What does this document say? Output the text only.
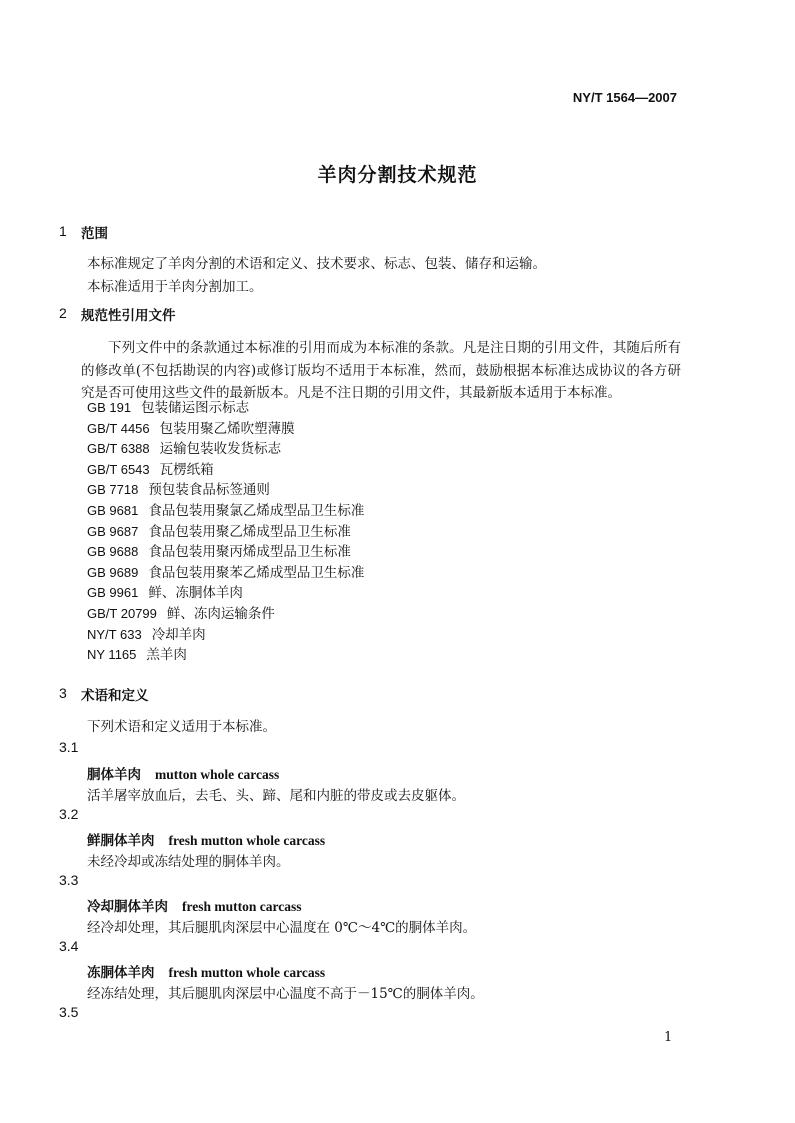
NY/T 1564—2007
羊肉分割技术规范
1 范围
本标准规定了羊肉分割的术语和定义、技术要求、标志、包装、储存和运输。
本标准适用于羊肉分割加工。
2 规范性引用文件
下列文件中的条款通过本标准的引用而成为本标准的条款。凡是注日期的引用文件，其随后所有的修改单(不包括勘误的内容)或修订版均不适用于本标准，然而，鼓励根据本标准达成协议的各方研究是否可使用这些文件的最新版本。凡是不注日期的引用文件，其最新版本适用于本标准。
GB 191 包装储运图示标志
GB/T 4456 包装用聚乙烯吹塑薄膜
GB/T 6388 运输包装收发货标志
GB/T 6543 瓦楞纸箱
GB 7718 预包装食品标签通则
GB 9681 食品包装用聚氯乙烯成型品卫生标准
GB 9687 食品包装用聚乙烯成型品卫生标准
GB 9688 食品包装用聚丙烯成型品卫生标准
GB 9689 食品包装用聚苯乙烯成型品卫生标准
GB 9961 鲜、冻胴体羊肉
GB/T 20799 鲜、冻肉运输条件
NY/T 633 冷却羊肉
NY 1165 羔羊肉
3 术语和定义
下列术语和定义适用于本标准。
3.1
胴体羊肉 mutton whole carcass
活羊屠宰放血后，去毛、头、蹄、尾和内脏的带皮或去皮躯体。
3.2
鲜胴体羊肉 fresh mutton whole carcass
未经冷却或冻结处理的胴体羊肉。
3.3
冷却胴体羊肉 fresh mutton carcass
经冷却处理，其后腿肌肉深层中心温度在 0℃～4℃的胴体羊肉。
3.4
冻胴体羊肉 fresh mutton whole carcass
经冻结处理，其后腿肌肉深层中心温度不高于－15℃的胴体羊肉。
3.5
1
